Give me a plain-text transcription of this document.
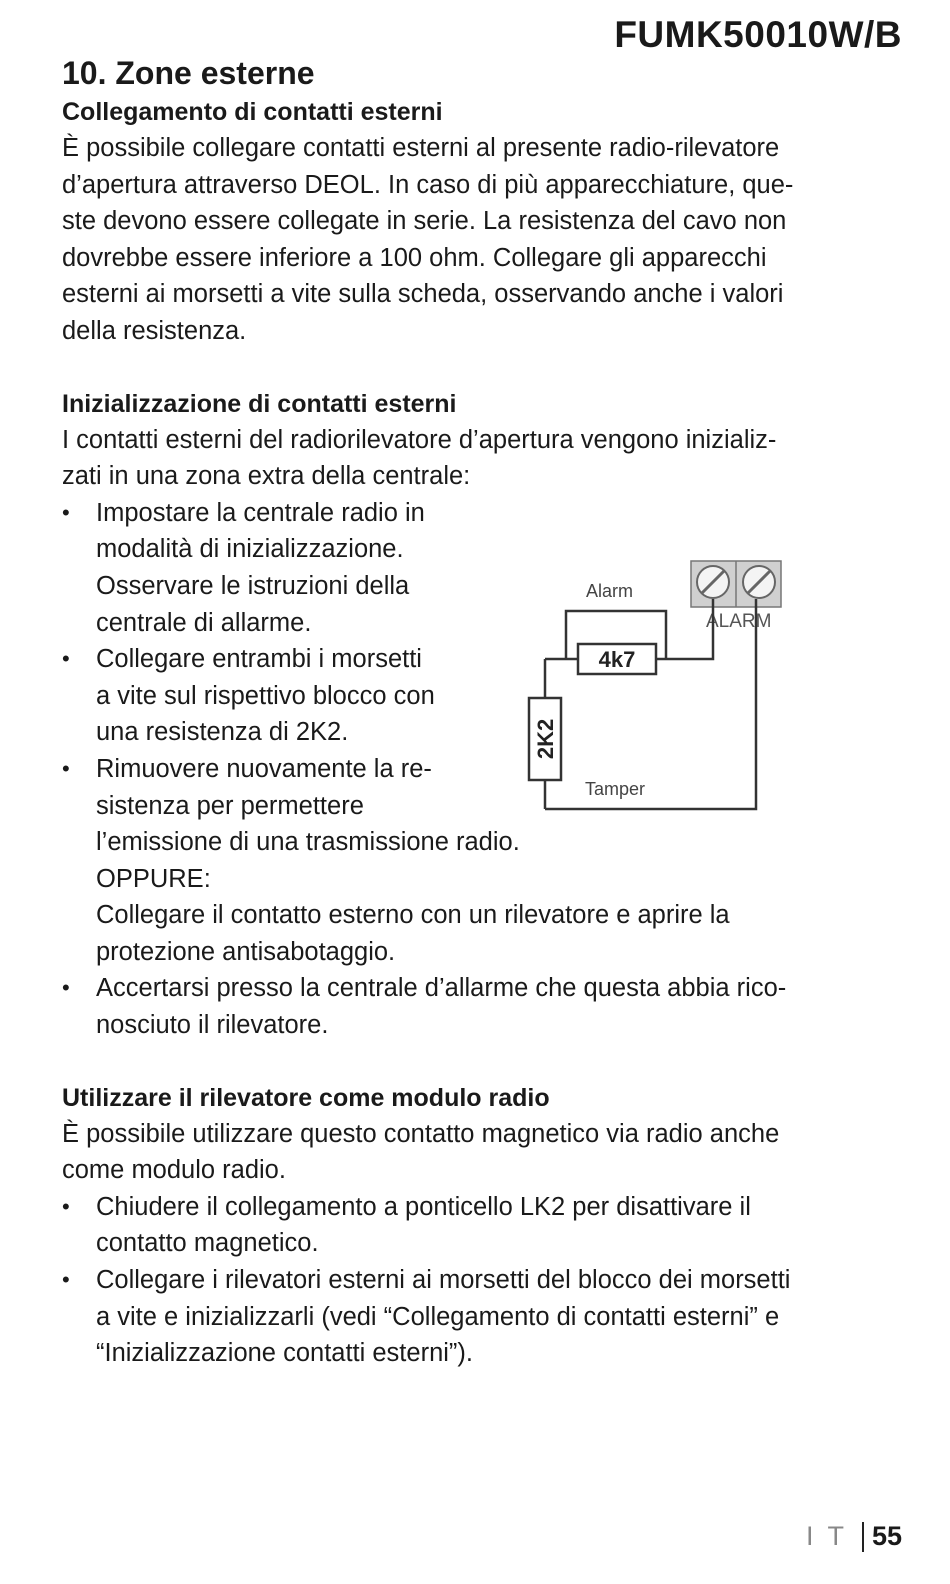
FUMK50010W/B
10. Zone esterne
Collegamento di contatti esterni

È possibile collegare contatti esterni al presente radio-rilevatore

d’apertura attraverso DEOL. In caso di più apparecchiature, que-

ste devono essere collegate in serie. La resistenza del cavo non

dovrebbe essere inferiore a 100 ohm. Collegare gli apparecchi

esterni ai morsetti a vite sulla scheda, osservando anche i valori

della resistenza.

Inizializzazione di contatti esterni

I contatti esterni del radiorilevatore d’apertura vengono inizializ-

zati in una zona extra della centrale:

• Impostare la centrale radio in
modalità di inizializzazione.
Osservare le istruzioni della
centrale di allarme.
• Collegare entrambi i morsetti
a vite sul rispettivo blocco con
una resistenza di 2K2.
• Rimuovere nuovamente la re-
sistenza per permettere
l’emissione di una trasmissione radio.

OPPURE:

Collegare il contatto esterno con un rilevatore e aprire la

protezione antisabotaggio.

• Accertarsi presso la centrale d’allarme che questa abbia rico-
nosciuto il rilevatore.
Utilizzare il rilevatore come modulo radio

È possibile utilizzare questo contatto magnetico via radio anche

come modulo radio.

• Chiudere il collegamento a ponticello LK2 per disattivare il
contatto magnetico.
• Collegare i rilevatori esterni ai morsetti del blocco dei morsetti
a vite e inizializzarli (vedi “Collegamento di contatti esterni” e
“Inizializzazione contatti esterni”).
ALARM
Alarm
Tamper
4k7
2K2
IT 55
